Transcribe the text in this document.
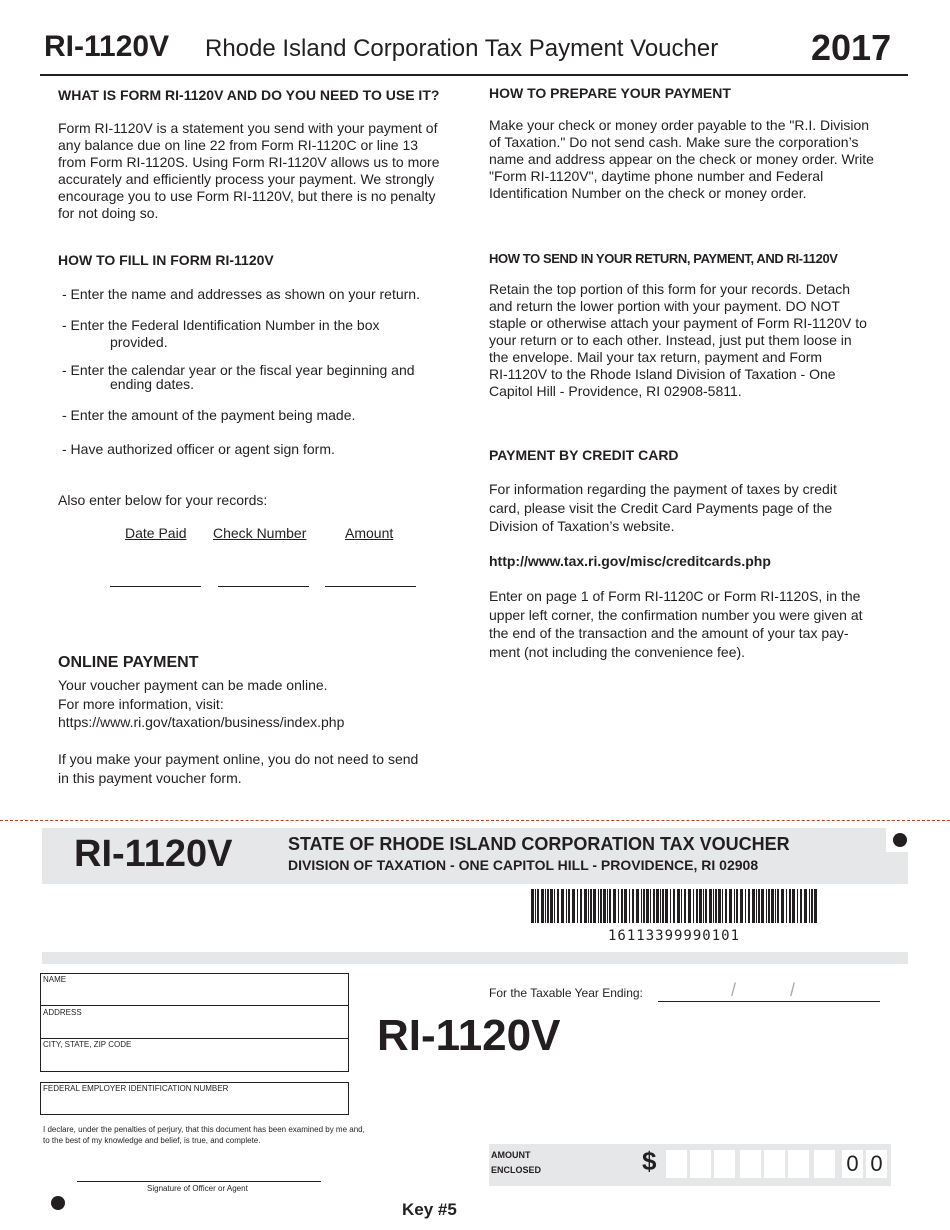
RI-1120V Rhode Island Corporation Tax Payment Voucher	2017
WHAT IS FORM RI-1120V AND DO YOU NEED TO USE IT?
Form RI-1120V is a statement you send with your payment of
any balance due on line 22 from Form RI-1120C or line 13
from Form RI-1120S. Using Form RI-1120V allows us to more
accurately and efficiently process your payment. We strongly
encourage you to use Form RI-1120V, but there is no penalty
for not doing so.
HOW TO FILL IN FORM RI-1120V
- Enter the name and addresses as shown on your return.
- Enter the Federal Identification Number in the box
provided.
- Enter the calendar year or the fiscal year beginning and
ending dates.
- Enter the amount of the payment being made.
- Have authorized officer or agent sign form.
Also enter below for your records:
Date Paid Check Number	Amount
ONLINE PAYMENT
Your voucher payment can be made online.
For more information, visit:
https://www.ri.gov/taxation/business/index.php
If you make your payment online, you do not need to send
in this payment voucher form.
HOW TO PREPARE YOUR PAYMENT
Make your check or money order payable to the "R.I. Division
of Taxation." Do not send cash. Make sure the corporation’s
name and address appear on the check or money order. Write
"Form RI-1120V", daytime phone number and Federal
Identification Number on the check or money order.
HOW TO SEND IN YOUR RETURN, PAYMENT, AND RI-1120V
Retain the top portion of this form for your records. Detach
and return the lower portion with your payment. DO NOT
staple or otherwise attach your payment of Form RI-1120V to
your return or to each other. Instead, just put them loose in
the envelope. Mail your tax return, payment and Form
RI-1120V to the Rhode Island Division of Taxation - One
Capitol Hill - Providence, RI 02908-5811.
PAYMENT BY CREDIT CARD
For information regarding the payment of taxes by credit
card, please visit the Credit Card Payments page of the
Division of Taxation’s website.
http://www.tax.ri.gov/misc/creditcards.php
Enter on page 1 of Form RI-1120C or Form RI-1120S, in the
upper left corner, the confirmation number you were given at
the end of the transaction and the amount of your tax pay-
ment (not including the convenience fee).
RI-1120V	STATE OF RHODE ISLAND CORPORATION TAX VOUCHER
DIVISION OF TAXATION - ONE CAPITOL HILL - PROVIDENCE, RI 02908
16113399990101
NAME
ADDRESS
CITY, STATE, ZIP CODE
FEDERAL EMPLOYER IDENTIFICATION NUMBER
I declare, under the penalties of perjury, that this document has been examined by me and,
to the best of my knowledge and belief, is true, and complete.
Signature of Officer or Agent
For the Taxable Year Ending:	/	/
RI-1120V
AMOUNT
ENCLOSED	$	0 0
Key #5
